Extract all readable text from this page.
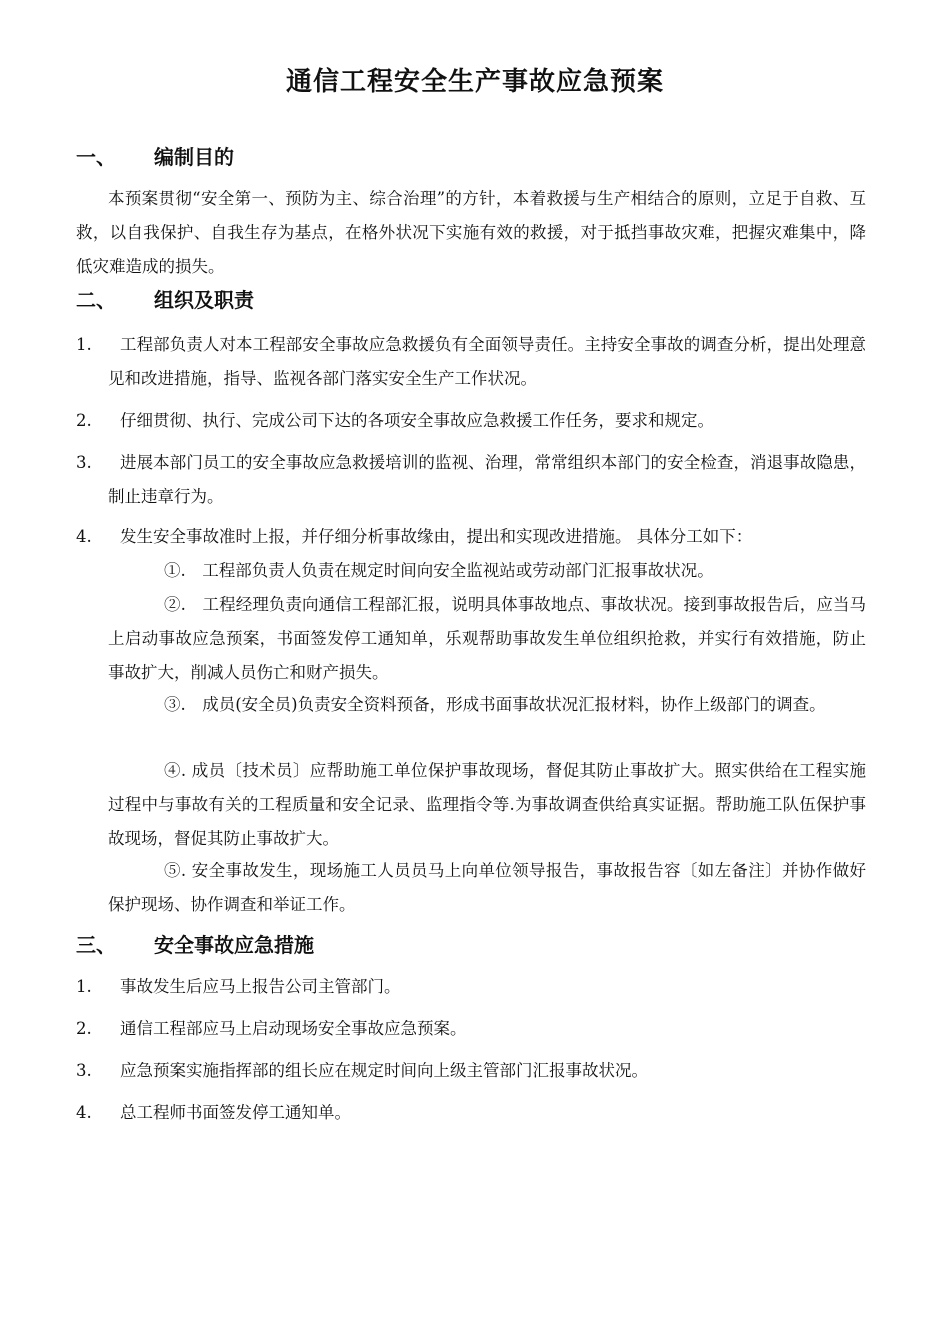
通信工程安全生产事故应急预案
一、 编制目的

本预案贯彻“安全第一、预防为主、综合治理”的方针，本着救援与生产相结合的原则，立足于自救、互救，以自我保护、自我生存为基点，在格外状况下实施有效的救援，对于抵挡事故灾难，把握灾难集中，降低灾难造成的损失。

二、 组织及职责
1.	工程部负责人对本工程部安全事故应急救援负有全面领导责任。主持安全事故的调查分析，提出处理意见和改进措施，指导、监视各部门落实安全生产工作状况。
2.	仔细贯彻、执行、完成公司下达的各项安全事故应急救援工作任务，要求和规定。
3.	进展本部门员工的安全事故应急救援培训的监视、治理，常常组织本部门的安全检查，消退事故隐患，制止违章行为。
4.	发生安全事故准时上报，并仔细分析事故缘由，提出和实现改进措施。 具体分工如下：

①.　工程部负责人负责在规定时间向安全监视站或劳动部门汇报事故状况。

②.　工程经理负责向通信工程部汇报，说明具体事故地点、事故状况。接到事故报告后，应当马上启动事故应急预案，书面签发停工通知单，乐观帮助事故发生单位组织抢救，并实行有效措施，防止事故扩大，削减人员伤亡和财产损失。

③.　成员(安全员)负责安全资料预备，形成书面事故状况汇报材料，协作上级部门的调查。

④. 成员〔技术员〕应帮助施工单位保护事故现场，督促其防止事故扩大。照实供给在工程实施过程中与事故有关的工程质量和安全记录、监理指令等.为事故调查供给真实证据。帮助施工队伍保护事故现场，督促其防止事故扩大。

⑤. 安全事故发生，现场施工人员员马上向单位领导报告，事故报告容〔如左备注〕并协作做好保护现场、协作调查和举证工作。

三、 安全事故应急措施
1.	事故发生后应马上报告公司主管部门。
2.	通信工程部应马上启动现场安全事故应急预案。
3.	应急预案实施指挥部的组长应在规定时间向上级主管部门汇报事故状况。
4.	总工程师书面签发停工通知单。
